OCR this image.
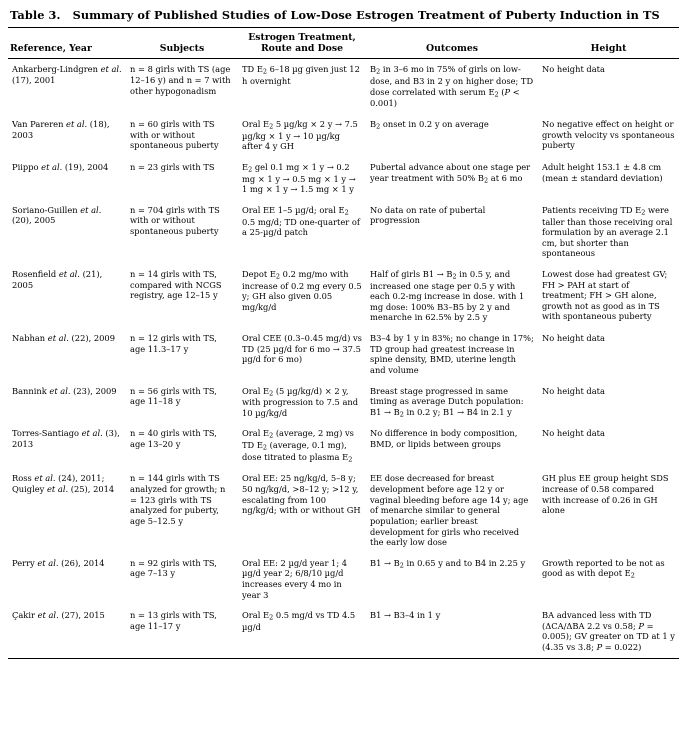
Table 3. Summary of Published Studies of Low-Dose Estrogen Treatment of Puberty Induction in TS
Reference, Year	Subjects	Estrogen Treatment,
Route and Dose	Outcomes	Height
Ankarberg-Lindgren et al. (17), 2001	n = 8 girls with TS (age 12–16 y) and n = 7 with other hypogonadism	TD $E_2$ 6–18 µg given just 12 h overnight	$B_2$ in 3–6 mo in 75% of girls on low-dose, and B3 in 2 y on higher dose; TD dose correlated with serum $E_2$ (P < 0.001)	No height data
Van Pareren et al. (18), 2003	n = 60 girls with TS with or without spontaneous puberty	Oral $E_2$ 5 µg/kg × 2 y → 7.5 µg/kg × 1 y → 10 µg/kg after 4 y GH	$B_2$ onset in 0.2 y on average	No negative effect on height or growth velocity vs spontaneous puberty
Piippo et al. (19), 2004	n = 23 girls with TS	$E_2$ gel 0.1 mg × 1 y → 0.2 mg × 1 y → 0.5 mg × 1 y → 1 mg × 1 y → 1.5 mg × 1 y	Pubertal advance about one stage per year treatment with 50% $B_2$ at 6 mo	Adult height 153.1 ± 4.8 cm (mean ± standard deviation)
Soriano-Guillen et al. (20), 2005	n = 704 girls with TS with or without spontaneous puberty	Oral EE 1–5 µg/d; oral $E_2$ 0.5 mg/d; TD one-quarter of a 25-µg/d patch	No data on rate of pubertal progression	Patients receiving TD $E_2$ were taller than those receiving oral formulation by an average 2.1 cm, but shorter than spontaneous
Rosenfield et al. (21), 2005	n = 14 girls with TS, compared with NCGS registry, age 12–15 y	Depot $E_2$ 0.2 mg/mo with increase of 0.2 mg every 0.5 y; GH also given 0.05 mg/kg/d	Half of girls $B1 \to B_2$ in 0.5 y, and increased one stage per 0.5 y with each 0.2-mg increase in dose. with 1 mg dose: 100% B3–B5 by 2 y and menarche in 62.5% by 2.5 y	Lowest dose had greatest GV; FH > PAH at start of treatment; FH > GH alone, growth not as good as in TS with spontaneous puberty
Nabhan et al. (22), 2009	n = 12 girls with TS, age 11.3–17 y	Oral CEE (0.3–0.45 mg/d) vs TD (25 µg/d for 6 mo → 37.5 µg/d for 6 mo)	B3–4 by 1 y in 83%; no change in 17%; TD group had greatest increase in spine density, BMD, uterine length and volume	No height data
Bannink et al. (23), 2009	n = 56 girls with TS, age 11–18 y	Oral $E_2$ (5 µg/kg/d) × 2 y, with progression to 7.5 and 10 µg/kg/d	Breast stage progressed in same timing as average Dutch population: $B1 \to B_2$ in 0.2 y; B1 → B4 in 2.1 y	No height data
Torres-Santiago et al. (3), 2013	n = 40 girls with TS, age 13–20 y	Oral $E_2$ (average, 2 mg) vs TD $E_2$ (average, 0.1 mg), dose titrated to plasma $E_2$	No difference in body composition, BMD, or lipids between groups	No height data
Ross et al. (24), 2011; Quigley et al. (25), 2014	n = 144 girls with TS analyzed for growth; n = 123 girls with TS analyzed for puberty, age 5–12.5 y	Oral EE: 25 ng/kg/d, 5–8 y; 50 ng/kg/d, >8–12 y; >12 y, escalating from 100 ng/kg/d; with or without GH	EE dose decreased for breast development before age 12 y or vaginal bleeding before age 14 y; age of menarche similar to general population; earlier breast development for girls who received the early low dose	GH plus EE group height SDS increase of 0.58 compared with increase of 0.26 in GH alone
Perry et al. (26), 2014	n = 92 girls with TS, age 7–13 y	Oral EE: 2 µg/d year 1; 4 µg/d year 2; 6/8/10 µg/d increases every 4 mo in year 3	$B1 \to B_2$ in 0.65 y and to B4 in 2.25 y	Growth reported to be not as good as with depot $E_2$
Çakir et al. (27), 2015	n = 13 girls with TS, age 11–17 y	Oral $E_2$ 0.5 mg/d vs TD 4.5 µg/d	B1 → B3–4 in 1 y	BA advanced less with TD (ΔCA/ΔBA 2.2 vs 0.58; P = 0.005); GV greater on TD at 1 y (4.35 vs 3.8; P = 0.022)
